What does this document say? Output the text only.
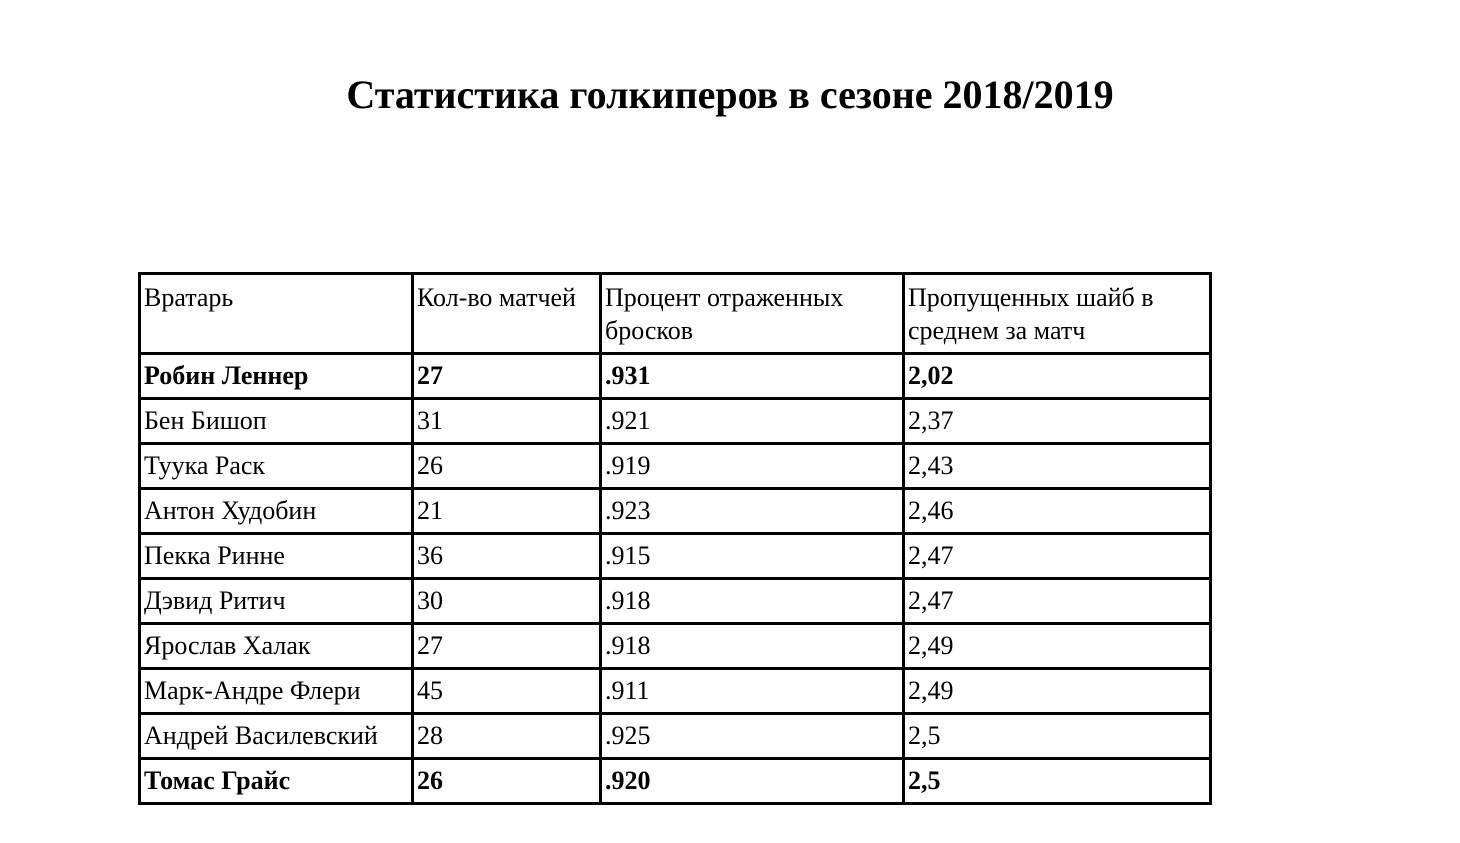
Статистика голкиперов в сезоне 2018/2019
Вратарь	Кол-во матчей	Процент отраженных бросков	Пропущенных шайб в среднем за матч
Робин Леннер	27	.931	2,02
Бен Бишоп	31	.921	2,37
Туука Раск	26	.919	2,43
Антон Худобин	21	.923	2,46
Пекка Ринне	36	.915	2,47
Дэвид Ритич	30	.918	2,47
Ярослав Халак	27	.918	2,49
Марк-Андре Флери	45	.911	2,49
Андрей Василевский	28	.925	2,5
Томас Грайс	26	.920	2,5
